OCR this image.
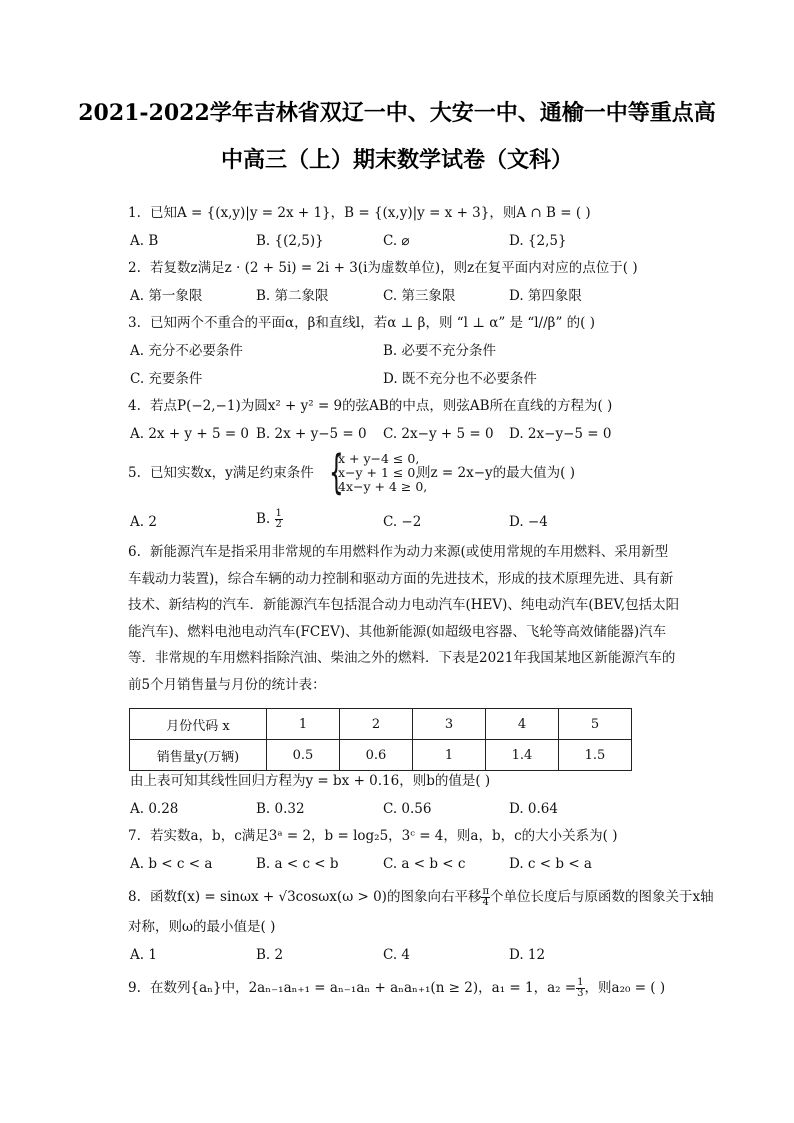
2021-2022学年吉林省双辽一中、大安一中、通榆一中等重点高
中高三（上）期末数学试卷（文科）
1. 已知A = {(x,y)|y = 2x + 1}，B = {(x,y)|y = x + 3}，则A ∩ B = ( )
A. B	B. {(2,5)}	C. ⌀	D. {2,5}
2. 若复数z满足z · (2 + 5i) = 2i + 3(i为虚数单位)，则z在复平面内对应的点位于( )
A. 第一象限	B. 第二象限	C. 第三象限	D. 第四象限
3. 已知两个不重合的平面α，β和直线l，若α ⊥ β，则 “l ⊥ α” 是 “l//β” 的( )
A. 充分不必要条件	B. 必要不充分条件
C. 充要条件	D. 既不充分也不必要条件
4. 若点P(−2,−1)为圆x² + y² = 9的弦AB的中点，则弦AB所在直线的方程为( )
A. 2x + y + 5 = 0 B. 2x + y−5 = 0 C. 2x−y + 5 = 0 D. 2x−y−5 = 0
5. 已知实数x，y满足约束条件 {
x + y−4 ≤ 0,
x−y + 1 ≤ 0,
4x−y + 4 ≥ 0,
则z = 2x−y的最大值为( )
A. 2	B. $\frac{1}{2}$	C. −2	D. −4
6. 新能源汽车是指采用非常规的车用燃料作为动力来源(或使用常规的车用燃料、采用新型
车载动力装置)，综合车辆的动力控制和驱动方面的先进技术，形成的技术原理先进、具有新
技术、新结构的汽车．新能源汽车包括混合动力电动汽车(HEV)、纯电动汽车(BEV,包括太阳
能汽车)、燃料电池电动汽车(FCEV)、其他新能源(如超级电容器、飞轮等高效储能器)汽车
等．非常规的车用燃料指除汽油、柴油之外的燃料．下表是2021年我国某地区新能源汽车的
前5个月销售量与月份的统计表：
月份代码 x	1	2	3	4	5
销售量y(万辆)	0.5	0.6	1	1.4	1.5
由上表可知其线性回归方程为y = bx + 0.16，则b的值是( )
A. 0.28	B. 0.32	C. 0.56	D. 0.64
7. 若实数a，b，c满足3ᵃ = 2，b = log₂5，3ᶜ = 4，则a，b，c的大小关系为( )
A. b < c < a	B. a < c < b	C. a < b < c	D. c < b < a
8. 函数f(x) = sinωx + √3cosωx(ω > 0)的图象向右平移 $\frac{\pi}{4}$ 个单位长度后与原函数的图象关于x轴
对称，则ω的最小值是( )
A. 1	B. 2	C. 4	D. 12
9. 在数列{aₙ}中，2aₙ₋₁aₙ₊₁ = aₙ₋₁aₙ + aₙaₙ₊₁(n ≥ 2)，a₁ = 1，$a_2 = \frac{1}{3}$ ，则a₂₀ = ( )
